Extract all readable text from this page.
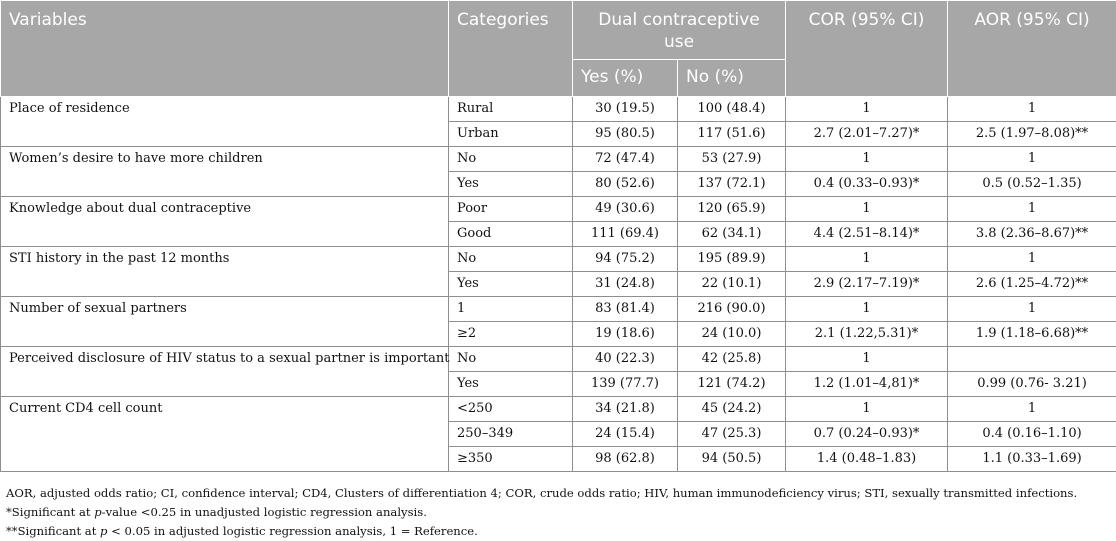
Variables	Categories	Dual contraceptive use		COR (95% CI)	AOR (95% CI)
		Yes (%)	No (%)		
Place of residence	Rural	30 (19.5)	100 (48.4)	1	1
	Urban	95 (80.5)	117 (51.6)	2.7 (2.01–7.27)*	2.5 (1.97–8.08)**
Women’s desire to have more children	No	72 (47.4)	53 (27.9)	1	1
	Yes	80 (52.6)	137 (72.1)	0.4 (0.33–0.93)*	0.5 (0.52–1.35)
Knowledge about dual contraceptive	Poor	49 (30.6)	120 (65.9)	1	1
	Good	111 (69.4)	62 (34.1)	4.4 (2.51–8.14)*	3.8 (2.36–8.67)**
STI history in the past 12 months	No	94 (75.2)	195 (89.9)	1	1
	Yes	31 (24.8)	22 (10.1)	2.9 (2.17–7.19)*	2.6 (1.25–4.72)**
Number of sexual partners	1	83 (81.4)	216 (90.0)	1	1
	≥2	19 (18.6)	24 (10.0)	2.1 (1.22,5.31)*	1.9 (1.18–6.68)**
Perceived disclosure of HIV status to a sexual partner is important	No	40 (22.3)	42 (25.8)	1	
	Yes	139 (77.7)	121 (74.2)	1.2 (1.01–4,81)*	0.99 (0.76- 3.21)
Current CD4 cell count	<250	34 (21.8)	45 (24.2)	1	1
	250–349	24 (15.4)	47 (25.3)	0.7 (0.24–0.93)*	0.4 (0.16–1.10)
	≥350	98 (62.8)	94 (50.5)	1.4 (0.48–1.83)	1.1 (0.33–1.69)
AOR, adjusted odds ratio; CI, confidence interval; CD4, Clusters of differentiation 4; COR, crude odds ratio; HIV, human immunodeficiency virus; STI, sexually transmitted infections.
*Significant at p-value <0.25 in unadjusted logistic regression analysis.
**Significant at p < 0.05 in adjusted logistic regression analysis, 1 = Reference.
